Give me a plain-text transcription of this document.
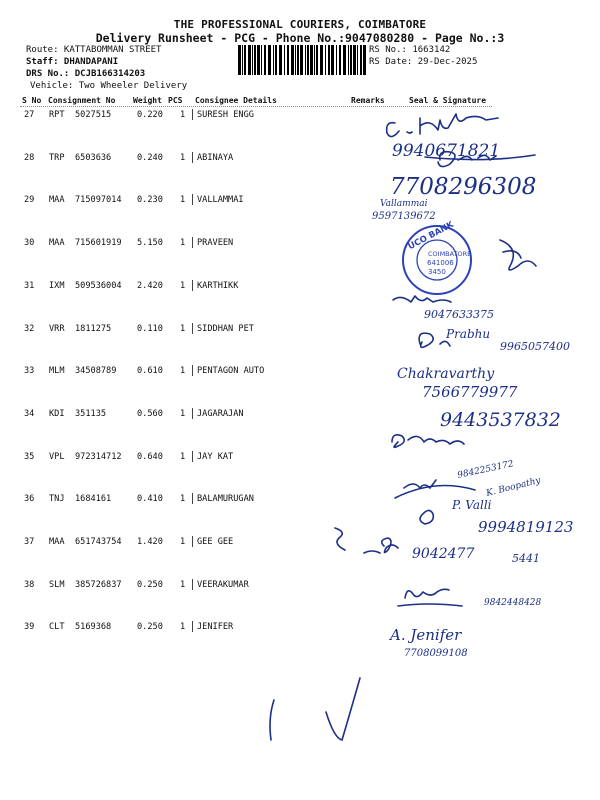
THE PROFESSIONAL COURIERS, COIMBATORE
Delivery Runsheet - PCG - Phone No.:9047080280 - Page No.:3
Route: KATTABOMMAN STREET
Staff: DHANDAPANI
DRS No.: DCJB166314203
Vehicle: Two Wheeler Delivery
RS No.: 1663142
RS Date: 29-Dec-2025
S No Consignment No Weight PCS Consignee Details	Remarks	Seal & Signature
27 RPT 5027515	0.220 1 SURESH ENGG
28 TRP 6503636	0.240 1 ABINAYA
29 MAA 715097014 0.230 1 VALLAMMAI
30 MAA 715601919 5.150 1 PRAVEEN
31 IXM 509536004 2.420 1 KARTHIKK
32 VRR 1811275	0.110 1 SIDDHAN PET
33 MLM 34508789 0.610 1 PENTAGON AUTO
34 KDI 351135	0.560 1 JAGARAJAN
35 VPL 972314712 0.640 1 JAY KAT
36 TNJ 1684161	0.410 1 BALAMURUGAN
37 MAA 651743754 1.420 1 GEE GEE
38 SLM 385726837 0.250 1 VEERAKUMAR
39 CLT 5169368	0.250 1 JENIFER
9940671821
7708296308
Vallammai
9597139672
UCO BANK
COIMBATORE
641006
3450
9047633375
Prabhu
9965057400
Chakravarthy
7566779977
9443537832
9842253172
K. Boopathy
P. Valli
9994819123
9042477	5441
9842448428
A. Jenifer
7708099108
